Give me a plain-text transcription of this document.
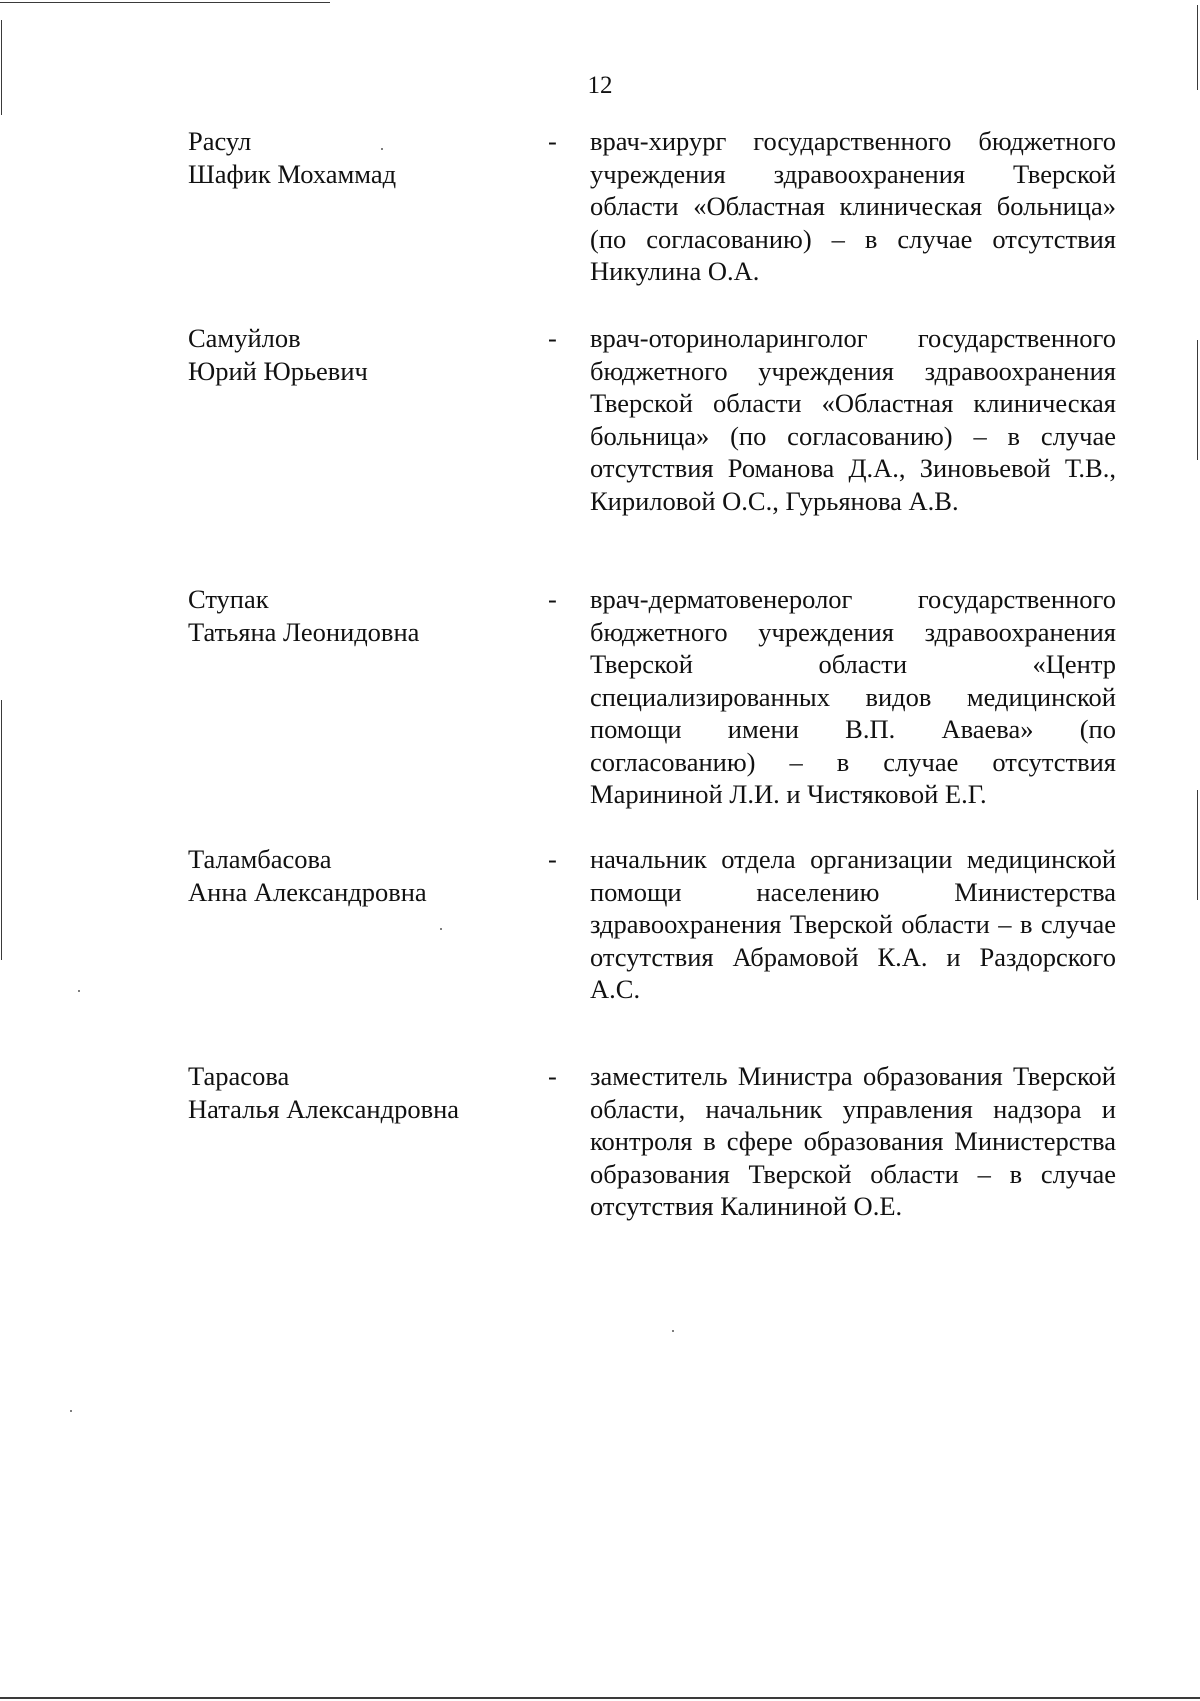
12
Расул
Шафик Мохаммад
- врач-хирург государственного бюджетного учреждения здравоохранения Тверской области «Областная клиническая больница» (по согласованию) – в случае отсутствия Никулина О.А.

Самуйлов
Юрий Юрьевич
- врач-оториноларинголог государственного бюджетного учреждения здравоохранения Тверской области «Областная клиническая больница» (по согласованию) – в случае отсутствия Романова Д.А., Зиновьевой Т.В., Кириловой О.С., Гурьянова А.В.

Ступак
Татьяна Леонидовна
- врач-дерматовенеролог государственного бюджетного учреждения здравоохранения Тверской области «Центр специализированных видов медицинской помощи имени В.П. Аваева» (по согласованию) – в случае отсутствия Марининой Л.И. и Чистяковой Е.Г.

Таламбасова
Анна Александровна
- начальник отдела организации медицинской помощи населению Министерства здравоохранения Тверской области – в случае отсутствия Абрамовой К.А. и Раздорского А.С.

Тарасова
Наталья Александровна
- заместитель Министра образования Тверской области, начальник управления надзора и контроля в сфере образования Министерства образования Тверской области – в случае отсутствия Калининой О.Е.
